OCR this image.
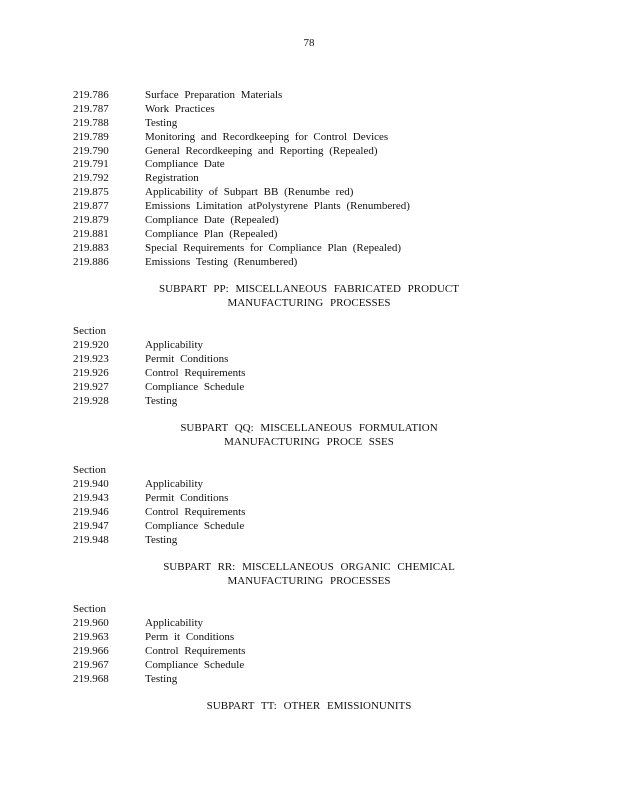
78
219.786	Surface Preparation Materials
219.787	Work Practices
219.788	Testing
219.789	Monitoring and Recordkeeping for Control Devices
219.790	General Recordkeeping and Reporting (Repealed)
219.791	Compliance Date
219.792	Registration
219.875	Applicability of Subpart BB (Renumbe red)
219.877	Emissions Limitation atPolystyrene Plants (Renumbered)
219.879	Compliance Date (Repealed)
219.881	Compliance Plan (Repealed)
219.883	Special Requirements for Compliance Plan (Repealed)
219.886	Emissions Testing (Renumbered)
SUBPART PP: MISCELLANEOUS FABRICATED PRODUCT
MANUFACTURING PROCESSES
Section
219.920	Applicability
219.923	Permit Conditions
219.926	Control Requirements
219.927	Compliance Schedule
219.928	Testing
SUBPART QQ: MISCELLANEOUS FORMULATION
MANUFACTURING PROCE SSES
Section
219.940	Applicability
219.943	Permit Conditions
219.946	Control Requirements
219.947	Compliance Schedule
219.948	Testing
SUBPART RR: MISCELLANEOUS ORGANIC CHEMICAL
MANUFACTURING PROCESSES
Section
219.960	Applicability
219.963	Perm it Conditions
219.966	Control Requirements
219.967	Compliance Schedule
219.968	Testing
SUBPART TT: OTHER EMISSIONUNITS
